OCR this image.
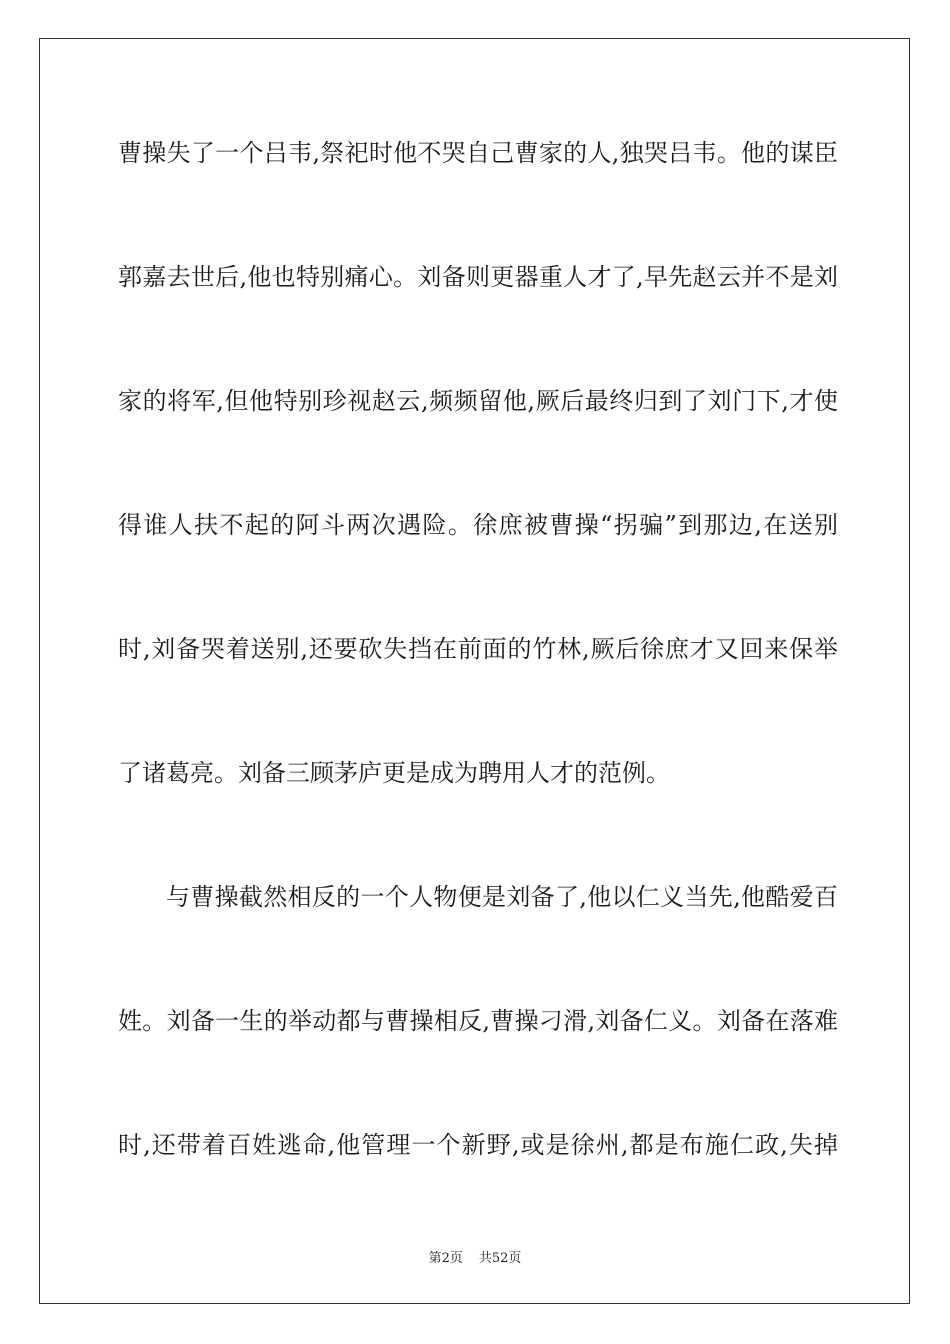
曹操失了一个吕韦,祭祀时他不哭自己曹家的人,独哭吕韦。他的谋臣
郭嘉去世后,他也特别痛心。刘备则更器重人才了,早先赵云并不是刘
家的将军,但他特别珍视赵云,频频留他,厥后最终归到了刘门下,才使
得谁人扶不起的阿斗两次遇险。徐庶被曹操“拐骗”到那边,在送别
时,刘备哭着送别,还要砍失挡在前面的竹林,厥后徐庶才又回来保举
了诸葛亮。刘备三顾茅庐更是成为聘用人才的范例。
与曹操截然相反的一个人物便是刘备了,他以仁义当先,他酷爱百
姓。刘备一生的举动都与曹操相反,曹操刁滑,刘备仁义。刘备在落难
时,还带着百姓逃命,他管理一个新野,或是徐州,都是布施仁政,失掉
第2页 共52页
